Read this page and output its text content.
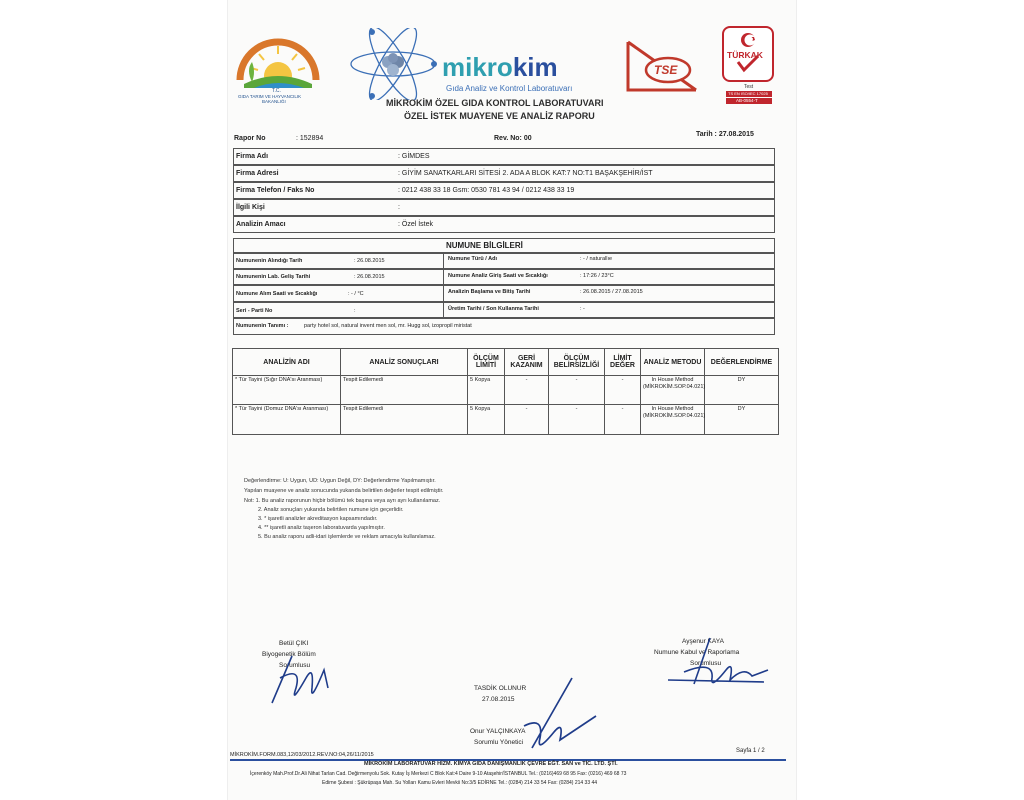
T.C.
GIDA TARIM VE HAYVANCILIK
BAKANLIĞI
mikrokim
Gıda Analiz ve Kontrol Laboratuvarı
TSE
TÜRKAK
Test
TS EN ISO/IEC 17025
AB-0554-T
MİKROKİM ÖZEL GIDA KONTROL LABORATUVARI
ÖZEL İSTEK MUAYENE VE ANALİZ RAPORU
Rapor No	: 152894	Rev. No: 00
Tarih : 27.08.2015
Firma Adı	: GİMDES
Firma Adresi	: GİYİM SANATKARLARI SİTESİ 2. ADA A BLOK KAT:7 NO:T1 BAŞAKŞEHİR/İST
Firma Telefon / Faks No	: 0212 438 33 18 Gsm: 0530 781 43 94 / 0212 438 33 19
İlgili Kişi	:
Analizin Amacı	: Özel İstek
NUMUNE BİLGİLERİ
Numunenin Alındığı Tarih	: 26.08.2015	Numune Türü / Adı	: - / naturallıe
Numunenin Lab. Geliş Tarihi	: 26.08.2015	Numune Analiz Giriş Saati ve Sıcaklığı	: 17:26 / 23°C
Numune Alım Saati ve Sıcaklığı	: - / °C	Analizin Başlama ve Bitiş Tarihi	: 26.08.2015 / 27.08.2015
Seri - Parti No	:	Üretim Tarihi / Son Kullanma Tarihi	: -
Numunenin Tanımı :	party hotel sol, natural invent men sol, mr. Hugg sol, izopropil miristat
ANALİZİN ADI	ANALİZ SONUÇLARI	ÖLÇÜM LİMİTİ	GERİ KAZANIM	ÖLÇÜM BELİRSİZLİĞİ	LİMİT DEĞER	ANALİZ METODU	DEĞERLENDİRME
* Tür Tayini (Sığır DNA'sı Aranması)	Tespit Edilemedi	5 Kopya	-	-	-	In House Method (MİKROKİM.SOP.04.021)	DY
* Tür Tayini (Domuz DNA'sı Aranması)	Tespit Edilemedi	5 Kopya	-	-	-	In House Method (MİKROKİM.SOP.04.021)	DY
Değerlendirme: U: Uygun, UD: Uygun Değil, DY: Değerlendirme Yapılmamıştır.
Yapılan muayene ve analiz sonucunda yukarıda belirtilen değerler tespit edilmiştir.
Not: 1. Bu analiz raporunun hiçbir bölümü tek başına veya ayrı ayrı kullanılamaz.
2. Analiz sonuçları yukarıda belirtilen numune için geçerlidir.
3. * işaretli analizler akreditasyon kapsamındadır.
4. ** işaretli analiz taşeron laboratuvarda yapılmıştır.
5. Bu analiz raporu adli-idari işlemlerde ve reklam amacıyla kullanılamaz.
Betül ÇIKI
Biyogenetik Bölüm
Sorumlusu
Ayşenur KAYA
Numune Kabul ve Raporlama
Sorumlusu
TASDİK OLUNUR
27.08.2015
Onur YALÇINKAYA
Sorumlu Yönetici
MİKROKİM.FORM.083,12/03/2012.REV.NO:04,26/11/2015
Sayfa 1 / 2
MİKROKİM LABORATUVAR HİZM. KİMYA GIDA DANIŞMANLIK ÇEVRE EĞT. SAN ve TİC. LTD. ŞTİ.
İçerenköy Mah.Prof.Dr.Ali Nihat Tarlan Cad. Değirmenyolu Sok. Kutay İş Merkezi C Blok Kat:4 Daire 9-10 Ataşehir/İSTANBUL Tel.: (0216)469 68 95 Fax: (0216) 469 68 73
Edirne Şubesi : Şükrüpaşa Mah. Su Yolları Kamu Evleri Mevkii No:3/5 EDİRNE Tel.: (0284) 214 33 54 Fax: (0284) 214 33 44
